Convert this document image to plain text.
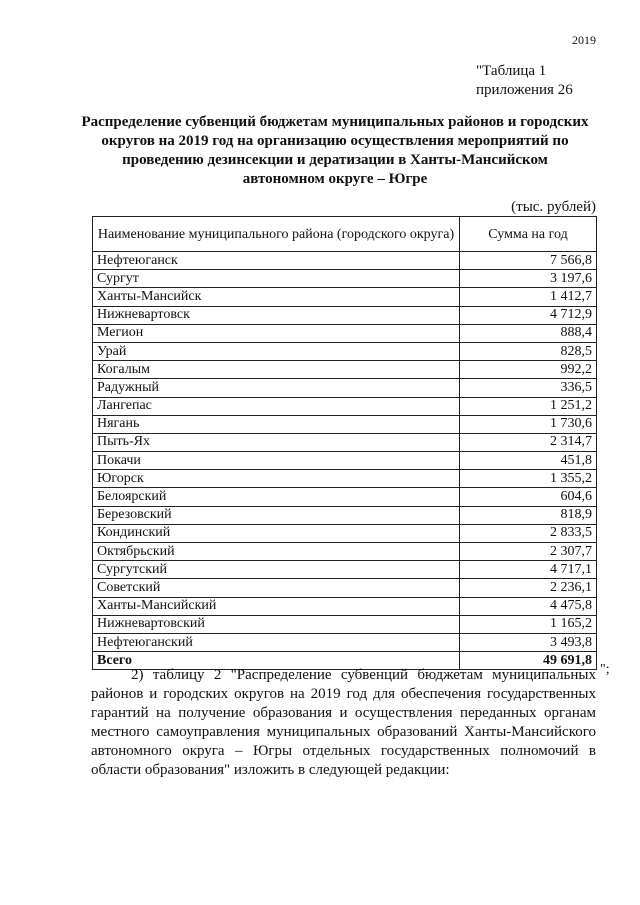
2019
"Таблица 1
приложения 26
Распределение субвенций бюджетам муниципальных районов и городских округов на 2019 год на организацию осуществления мероприятий по проведению дезинсекции и дератизации в Ханты-Мансийском автономном округе – Югре
(тыс. рублей)
Наименование муниципального района (городского округа)	Сумма на год
Нефтеюганск	7 566,8
Сургут	3 197,6
Ханты-Мансийск	1 412,7
Нижневартовск	4 712,9
Мегион	888,4
Урай	828,5
Когалым	992,2
Радужный	336,5
Лангепас	1 251,2
Нягань	1 730,6
Пыть-Ях	2 314,7
Покачи	451,8
Югорск	1 355,2
Белоярский	604,6
Березовский	818,9
Кондинский	2 833,5
Октябрьский	2 307,7
Сургутский	4 717,1
Советский	2 236,1
Ханты-Мансийский	4 475,8
Нижневартовский	1 165,2
Нефтеюганский	3 493,8
Всего	49 691,8
";
2) таблицу 2 "Распределение субвенций бюджетам муниципальных районов и городских округов на 2019 год для обеспечения государственных гарантий на получение образования и осуществления переданных органам местного самоуправления муниципальных образований Ханты-Мансийского автономного округа – Югры отдельных государственных полномочий в области образования" изложить в следующей редакции:
